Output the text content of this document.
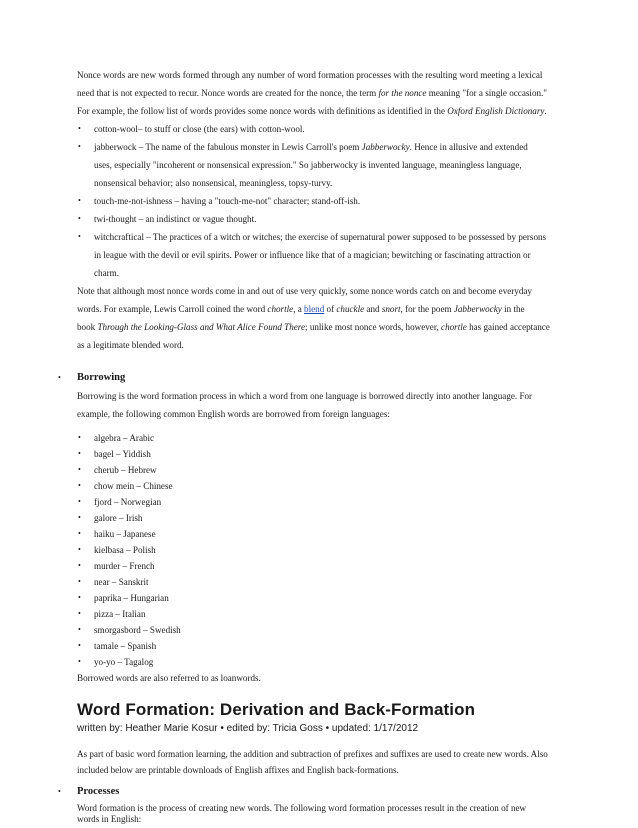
Nonce words are new words formed through any number of word formation processes with the resulting word meeting a lexical
need that is not expected to recur. Nonce words are created for the nonce, the term for the nonce meaning "for a single occasion."
For example, the follow list of words provides some nonce words with definitions as identified in the Oxford English Dictionary.
• cotton-wool– to stuff or close (the ears) with cotton-wool.
• jabberwock – The name of the fabulous monster in Lewis Carroll's poem Jabberwocky. Hence in allusive and extended
uses, especially "incoherent or nonsensical expression." So jabberwocky is invented language, meaningless language,
nonsensical behavior; also nonsensical, meaningless, topsy-turvy.
• touch-me-not-ishness – having a "touch-me-not" character; stand-off-ish.
• twi-thought – an indistinct or vague thought.
• witchcraftical – The practices of a witch or witches; the exercise of supernatural power supposed to be possessed by persons
in league with the devil or evil spirits. Power or influence like that of a magician; bewitching or fascinating attraction or
charm.
Note that although most nonce words come in and out of use very quickly, some nonce words catch on and become everyday
words. For example, Lewis Carroll coined the word chortle, a blend of chuckle and snort, for the poem Jabberwocky in the
book Through the Looking-Glass and What Alice Found There; unlike most nonce words, however, chortle has gained acceptance
as a legitimate blended word.
• Borrowing
Borrowing is the word formation process in which a word from one language is borrowed directly into another language. For
example, the following common English words are borrowed from foreign languages:
• algebra – Arabic
• bagel – Yiddish
• cherub – Hebrew
• chow mein – Chinese
• fjord – Norwegian
• galore – Irish
• haiku – Japanese
• kielbasa – Polish
• murder – French
• near – Sanskrit
• paprika – Hungarian
• pizza – Italian
• smorgasbord – Swedish
• tamale – Spanish
• yo-yo – Tagalog
Borrowed words are also referred to as loanwords.
Word Formation: Derivation and Back-Formation
written by: Heather Marie Kosur • edited by: Tricia Goss • updated: 1/17/2012
As part of basic word formation learning, the addition and subtraction of prefixes and suffixes are used to create new words. Also
included below are printable downloads of English affixes and English back-formations.
• Processes
Word formation is the process of creating new words. The following word formation processes result in the creation of new
words in English:
